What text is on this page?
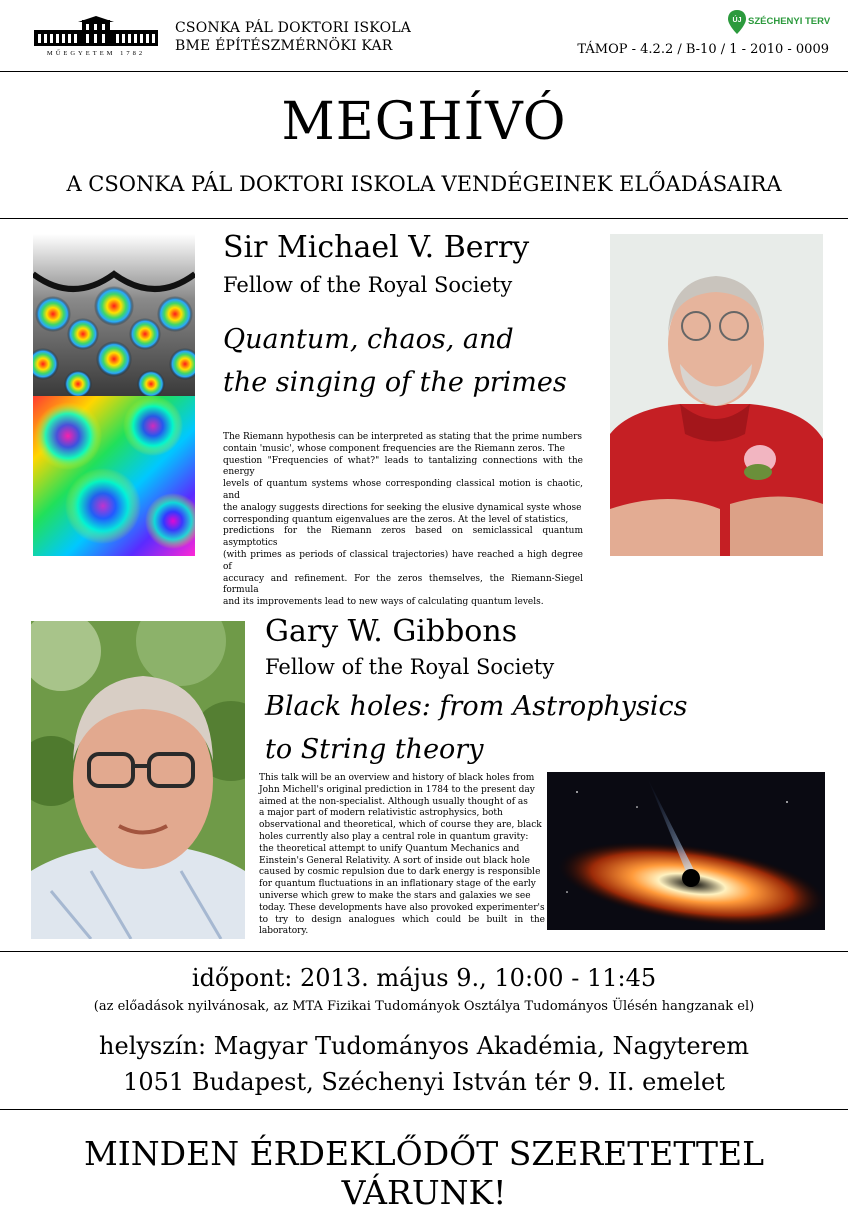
MŰEGYETEM 1782
CSONKA PÁL DOKTORI ISKOLA
BME ÉPÍTÉSZMÉRNÖKI KAR
ÚJ SZÉCHENYI TERV
TÁMOP - 4.2.2 / B-10 / 1 - 2010 - 0009
MEGHÍVÓ
A CSONKA PÁL DOKTORI ISKOLA VENDÉGEINEK ELŐADÁSAIRA
Sir Michael V. Berry
Fellow of the Royal Society
Quantum, chaos, and
the singing of the primes
The Riemann hypothesis can be interpreted as stating that the prime numbers
contain 'music', whose component frequencies are the Riemann zeros. The
question "Frequencies of what?" leads to tantalizing connections with the energy
levels of quantum systems whose corresponding classical motion is chaotic, and
the analogy suggests directions for seeking the elusive dynamical syste whose
corresponding quantum eigenvalues are the zeros. At the level of statistics,
predictions for the Riemann zeros based on semiclassical quantum asymptotics
(with primes as periods of classical trajectories) have reached a high degree of
accuracy and refinement. For the zeros themselves, the Riemann-Siegel formula
and its improvements lead to new ways of calculating quantum levels.
Gary W. Gibbons
Fellow of the Royal Society
Black holes: from Astrophysics
to String theory
This talk will be an overview and history of black holes from
John Michell's original prediction in 1784 to the present day
aimed at the non-specialist. Although usually thought of as
a major part of modern relativistic astrophysics, both
observational and theoretical, which of course they are, black
holes currently also play a central role in quantum gravity:
the theoretical attempt to unify Quantum Mechanics and
Einstein's General Relativity. A sort of inside out black hole
caused by cosmic repulsion due to dark energy is responsible
for quantum fluctuations in an inflationary stage of the early
universe which grew to make the stars and galaxies we see
today. These developments have also provoked experimenter's
to try to design analogues which could be built in the laboratory.
időpont: 2013. május 9., 10:00 - 11:45
(az előadások nyilvánosak, az MTA Fizikai Tudományok Osztálya Tudományos Ülésén hangzanak el)
helyszín: Magyar Tudományos Akadémia, Nagyterem
1051 Budapest, Széchenyi István tér 9. II. emelet
MINDEN ÉRDEKLŐDŐT SZERETETTEL VÁRUNK!
